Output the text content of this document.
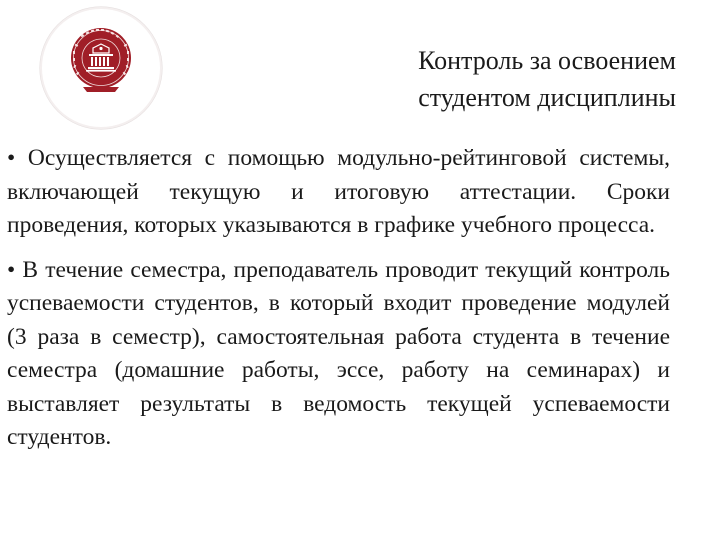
Контроль за освоением
студентом дисциплины

• Осуществляется с помощью модульно-рейтинговой системы, включающей текущую и итоговую аттестации. Сроки проведения, которых указываются в графике учебного процесса.

• В течение семестра, преподаватель проводит текущий контроль успеваемости студентов, в который входит проведение модулей (3 раза в семестр), самостоятельная работа студента в течение семестра (домашние работы, эссе, работу на семинарах) и выставляет результаты в ведомость текущей успеваемости студентов.
